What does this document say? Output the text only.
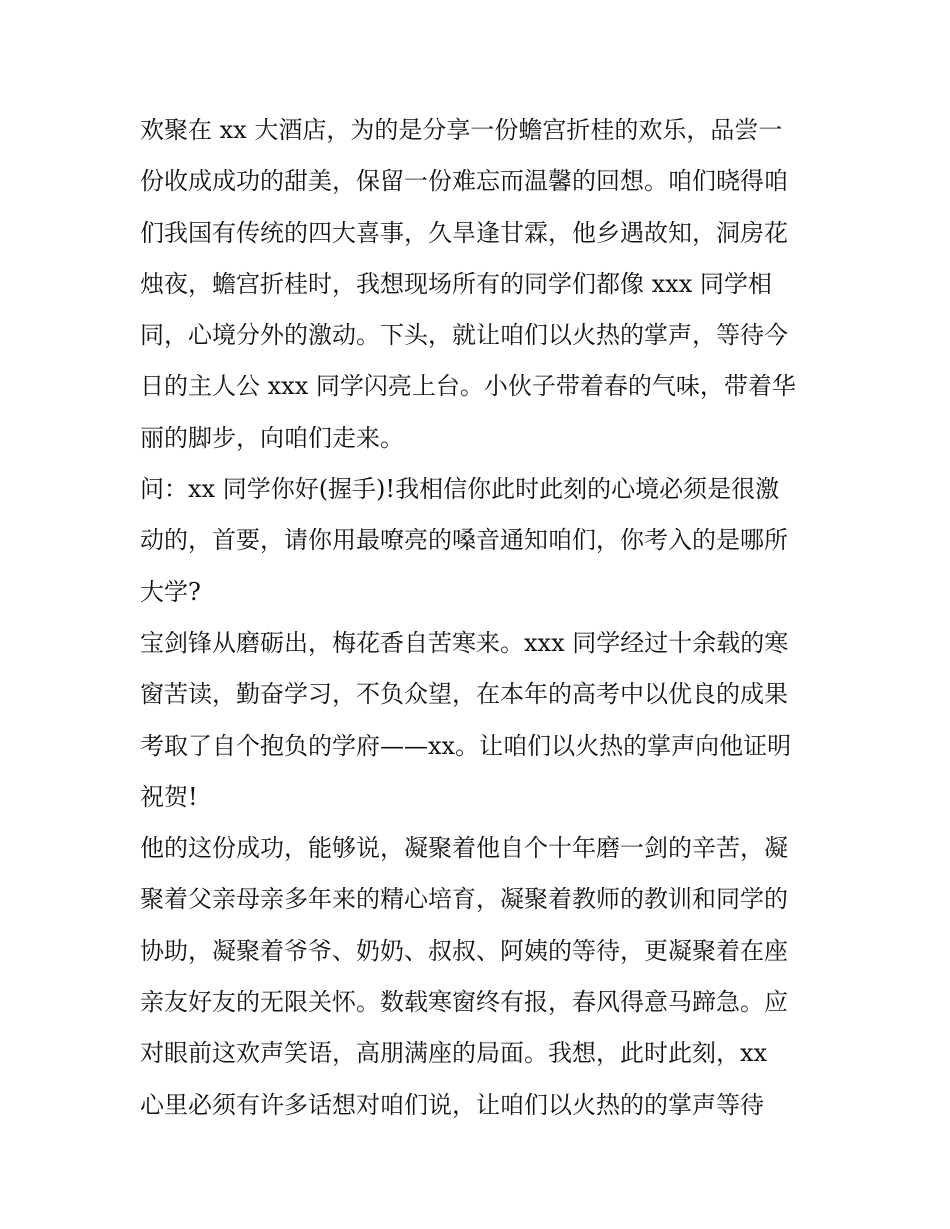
欢聚在 xx 大酒店，为的是分享一份蟾宫折桂的欢乐，品尝一
份收成成功的甜美，保留一份难忘而温馨的回想。咱们晓得咱
们我国有传统的四大喜事，久旱逢甘霖，他乡遇故知，洞房花
烛夜，蟾宫折桂时，我想现场所有的同学们都像 xxx 同学相
同，心境分外的激动。下头，就让咱们以火热的掌声，等待今
日的主人公 xxx 同学闪亮上台。小伙子带着春的气味，带着华
丽的脚步，向咱们走来。
问：xx 同学你好(握手)!我相信你此时此刻的心境必须是很激
动的，首要，请你用最嘹亮的嗓音通知咱们，你考入的是哪所
大学?
宝剑锋从磨砺出，梅花香自苦寒来。xxx 同学经过十余载的寒
窗苦读，勤奋学习，不负众望，在本年的高考中以优良的成果
考取了自个抱负的学府——xx。让咱们以火热的掌声向他证明
祝贺!
他的这份成功，能够说，凝聚着他自个十年磨一剑的辛苦，凝
聚着父亲母亲多年来的精心培育，凝聚着教师的教训和同学的
协助，凝聚着爷爷、奶奶、叔叔、阿姨的等待，更凝聚着在座
亲友好友的无限关怀。数载寒窗终有报，春风得意马蹄急。应
对眼前这欢声笑语，高朋满座的局面。我想，此时此刻，xx
心里必须有许多话想对咱们说，让咱们以火热的的掌声等待
